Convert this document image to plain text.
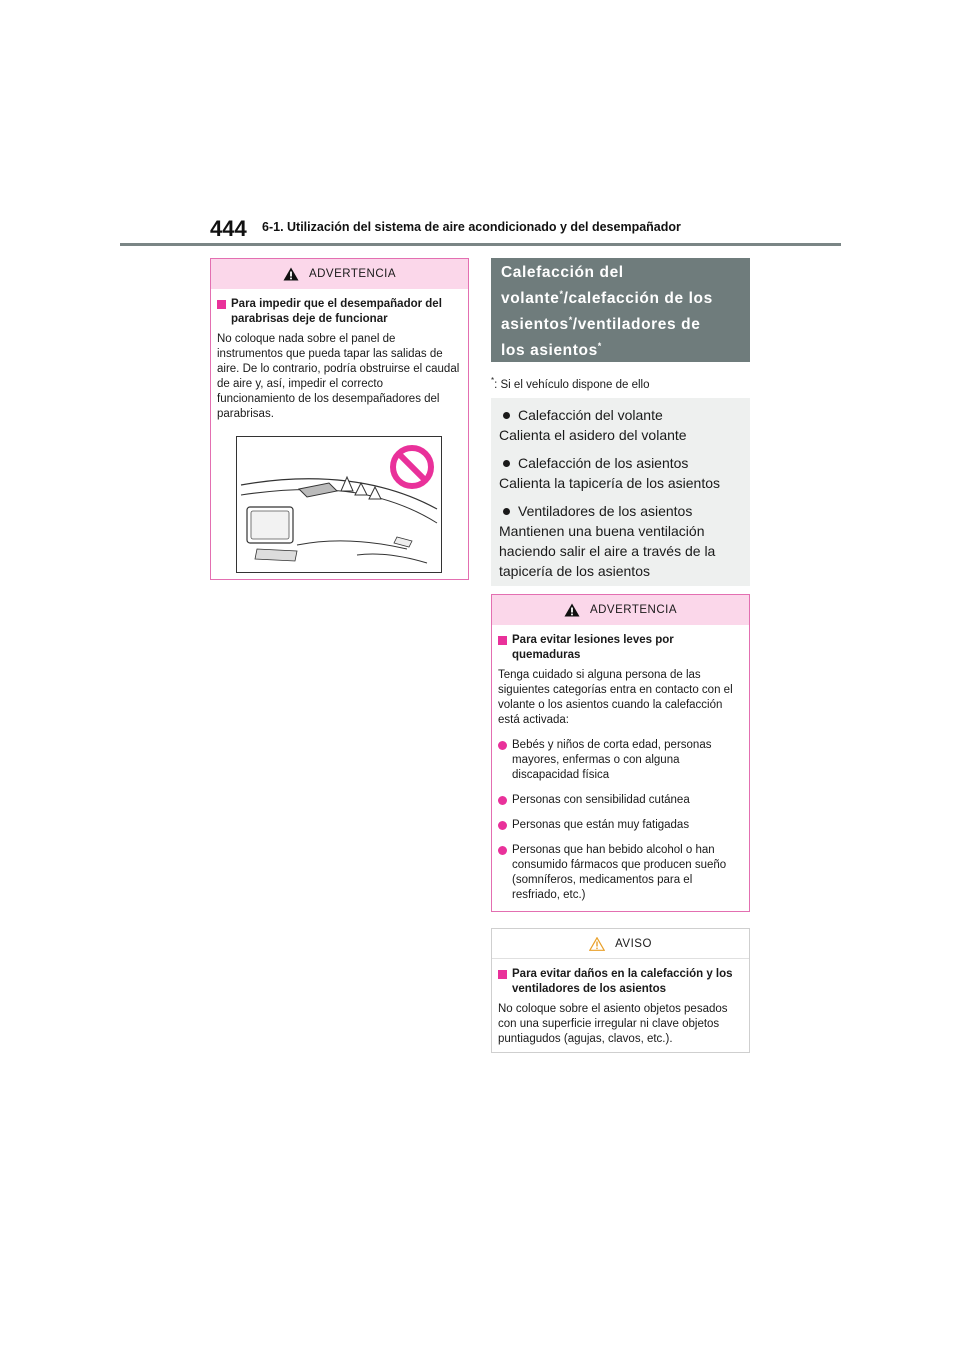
444 6-1. Utilización del sistema de aire acondicionado y del desempañador
ADVERTENCIA
Para impedir que el desempañador del parabrisas deje de funcionar
No coloque nada sobre el panel de instrumentos que pueda tapar las salidas de aire. De lo contrario, podría obstruirse el caudal de aire y, así, impedir el correcto funcionamiento de los desempañadores del parabrisas.
Calefacción del
volante*/calefacción de los
asientos*/ventiladores de
los asientos*
*: Si el vehículo dispone de ello
Calefacción del volante
Calienta el asidero del volante
Calefacción de los asientos
Calienta la tapicería de los asientos
Ventiladores de los asientos
Mantienen una buena ventilación haciendo salir el aire a través de la tapicería de los asientos
ADVERTENCIA
Para evitar lesiones leves por quemaduras
Tenga cuidado si alguna persona de las siguientes categorías entra en contacto con el volante o los asientos cuando la calefacción está activada:
Bebés y niños de corta edad, personas mayores, enfermas o con alguna discapacidad física
Personas con sensibilidad cutánea
Personas que están muy fatigadas
Personas que han bebido alcohol o han consumido fármacos que producen sueño (somníferos, medicamentos para el resfriado, etc.)
AVISO
Para evitar daños en la calefacción y los ventiladores de los asientos
No coloque sobre el asiento objetos pesados con una superficie irregular ni clave objetos puntiagudos (agujas, clavos, etc.).
